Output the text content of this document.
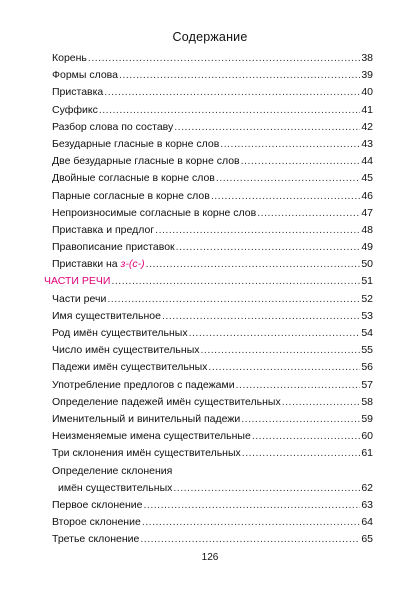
Содержание
Корень .....	38
Формы слова .....	39
Приставка .....	40
Суффикс .....	41
Разбор слова по составу .....	42
Безударные гласные в корне слов .....	43
Две безударные гласные в корне слов .....	44
Двойные согласные в корне слов .....	45
Парные согласные в корне слов .....	46
Непроизносимые согласные в корне слов .....	47
Приставка и предлог .....	48
Правописание приставок .....	49
Приставки на з-(с-) .....	50
ЧАСТИ РЕЧИ .....	51
Части речи .....	52
Имя существительное .....	53
Род имён существительных .....	54
Число имён существительных .....	55
Падежи имён существительных .....	56
Употребление предлогов с падежами .....	57
Определение падежей имён существительных .....	58
Именительный и винительный падежи .....	59
Неизменяемые имена существительные .....	60
Три склонения имён существительных .....	61
Определение склонения
имён существительных .....	62
Первое склонение .....	63
Второе склонение .....	64
Третье склонение .....	65
126
